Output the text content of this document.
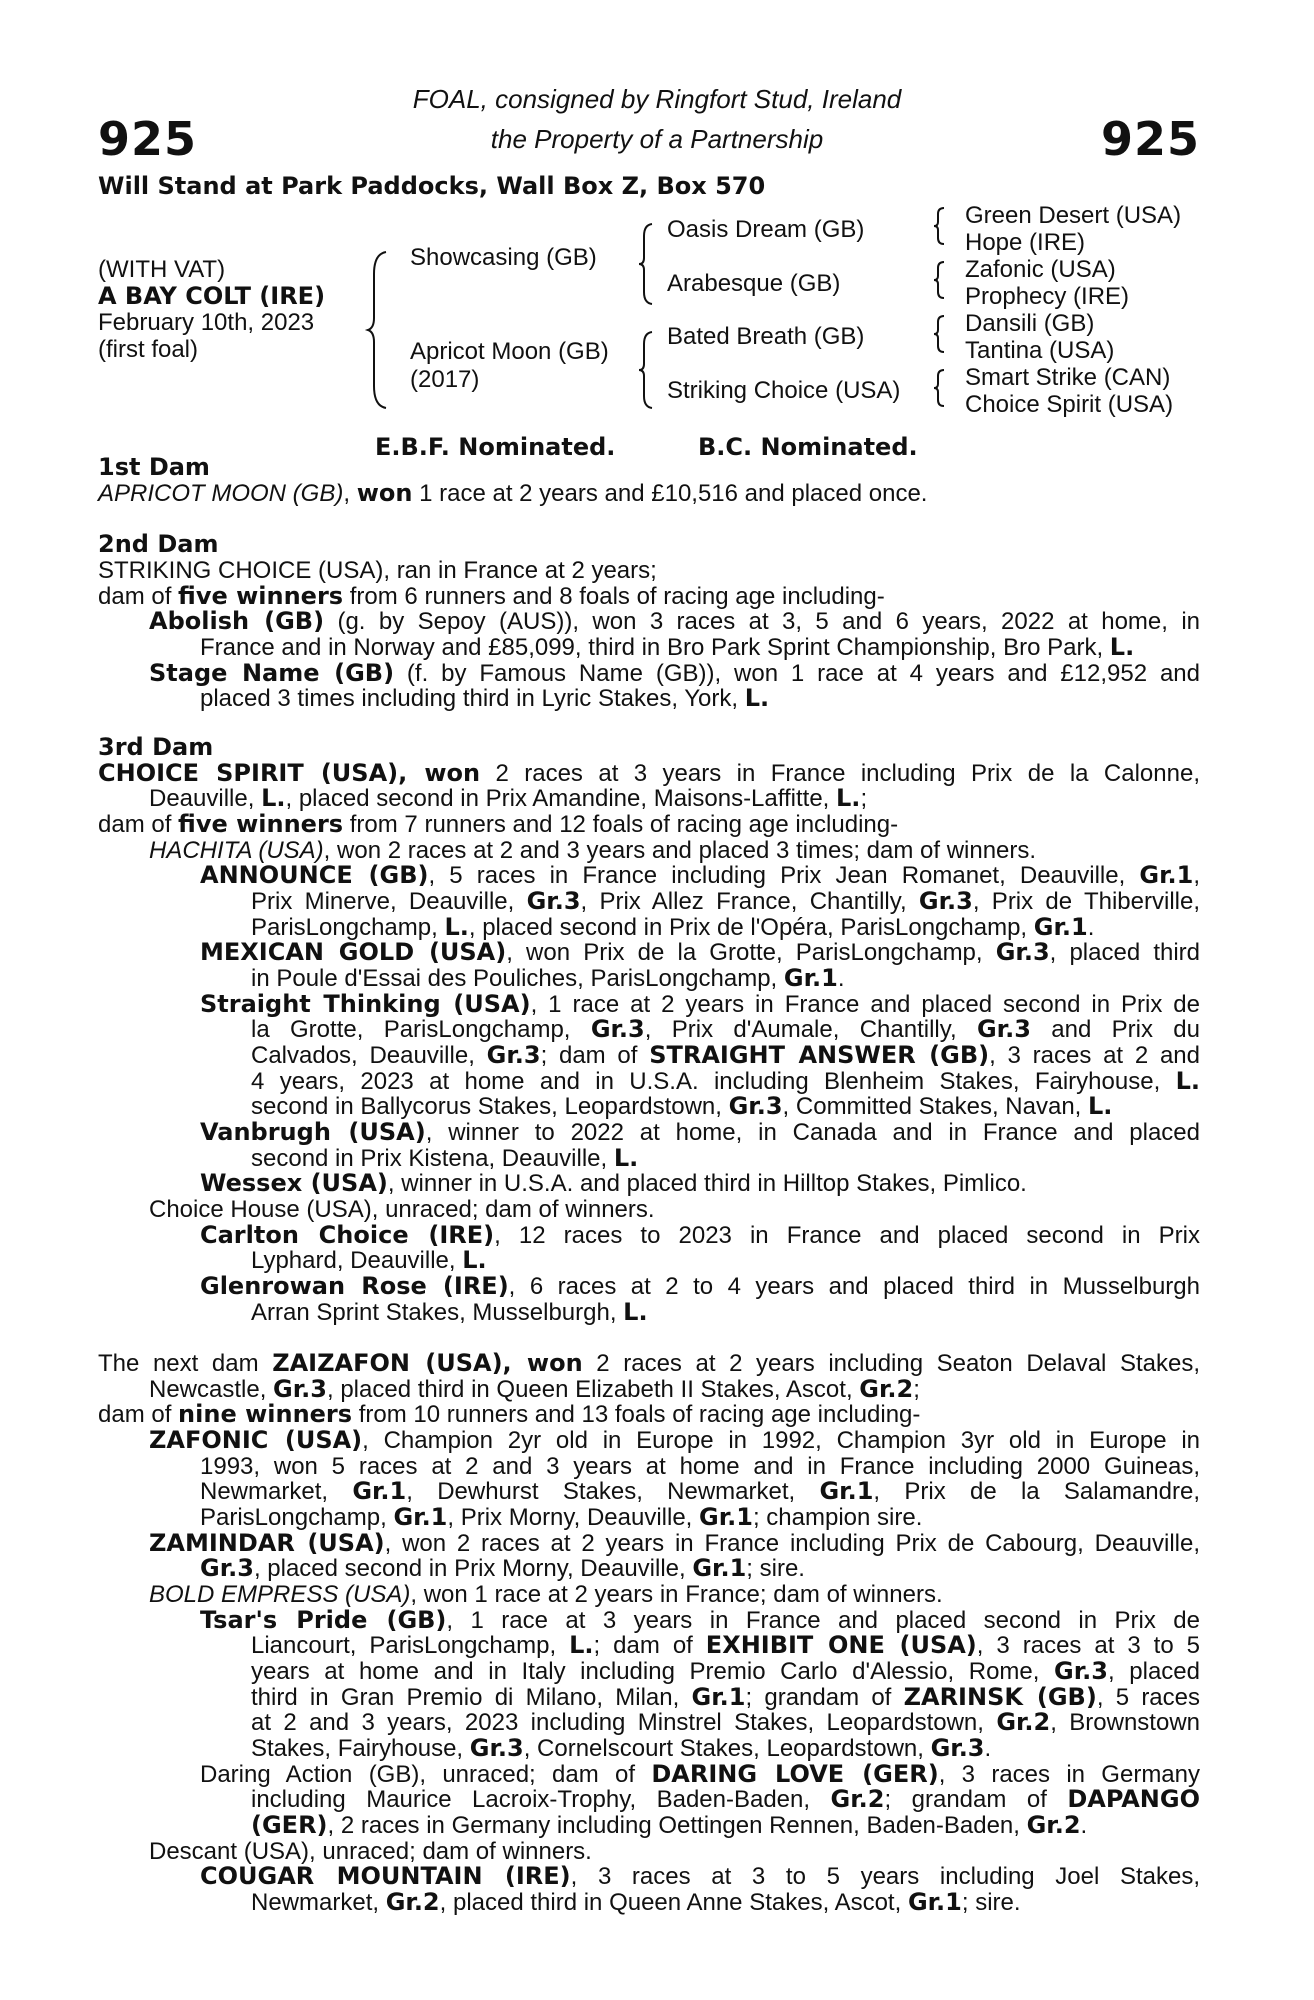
925	925
FOAL, consigned by Ringfort Stud, Ireland
the Property of a Partnership
Will Stand at Park Paddocks, Wall Box Z, Box 570
(WITH VAT)
A BAY COLT (IRE)
February 10th, 2023
(first foal)
Showcasing (GB)
Apricot Moon (GB)
(2017)
Oasis Dream (GB)
Arabesque (GB)
Bated Breath (GB)
Striking Choice (USA)
Green Desert (USA)
Hope (IRE)
Zafonic (USA)
Prophecy (IRE)
Dansili (GB)
Tantina (USA)
Smart Strike (CAN)
Choice Spirit (USA)
E.B.F. Nominated.	B.C. Nominated.
1st Dam
APRICOT MOON (GB), won 1 race at 2 years and £10,516 and placed once.
2nd Dam
STRIKING CHOICE (USA), ran in France at 2 years;
dam of five winners from 6 runners and 8 foals of racing age including-
Abolish (GB) (g. by Sepoy (AUS)), won 3 races at 3, 5 and 6 years, 2022 at home, in
France and in Norway and £85,099, third in Bro Park Sprint Championship, Bro Park, L.
Stage Name (GB) (f. by Famous Name (GB)), won 1 race at 4 years and £12,952 and
placed 3 times including third in Lyric Stakes, York, L.
3rd Dam
CHOICE SPIRIT (USA), won 2 races at 3 years in France including Prix de la Calonne,
Deauville, L., placed second in Prix Amandine, Maisons-Laffitte, L.;
dam of five winners from 7 runners and 12 foals of racing age including-
HACHITA (USA), won 2 races at 2 and 3 years and placed 3 times; dam of winners.
ANNOUNCE (GB), 5 races in France including Prix Jean Romanet, Deauville, Gr.1,
Prix Minerve, Deauville, Gr.3, Prix Allez France, Chantilly, Gr.3, Prix de Thiberville,
ParisLongchamp, L., placed second in Prix de l'Opéra, ParisLongchamp, Gr.1.
MEXICAN GOLD (USA), won Prix de la Grotte, ParisLongchamp, Gr.3, placed third
in Poule d'Essai des Pouliches, ParisLongchamp, Gr.1.
Straight Thinking (USA), 1 race at 2 years in France and placed second in Prix de
la Grotte, ParisLongchamp, Gr.3, Prix d'Aumale, Chantilly, Gr.3 and Prix du
Calvados, Deauville, Gr.3; dam of STRAIGHT ANSWER (GB), 3 races at 2 and
4 years, 2023 at home and in U.S.A. including Blenheim Stakes, Fairyhouse, L.
second in Ballycorus Stakes, Leopardstown, Gr.3, Committed Stakes, Navan, L.
Vanbrugh (USA), winner to 2022 at home, in Canada and in France and placed
second in Prix Kistena, Deauville, L.
Wessex (USA), winner in U.S.A. and placed third in Hilltop Stakes, Pimlico.
Choice House (USA), unraced; dam of winners.
Carlton Choice (IRE), 12 races to 2023 in France and placed second in Prix
Lyphard, Deauville, L.
Glenrowan Rose (IRE), 6 races at 2 to 4 years and placed third in Musselburgh
Arran Sprint Stakes, Musselburgh, L.
The next dam ZAIZAFON (USA), won 2 races at 2 years including Seaton Delaval Stakes,
Newcastle, Gr.3, placed third in Queen Elizabeth II Stakes, Ascot, Gr.2;
dam of nine winners from 10 runners and 13 foals of racing age including-
ZAFONIC (USA), Champion 2yr old in Europe in 1992, Champion 3yr old in Europe in
1993, won 5 races at 2 and 3 years at home and in France including 2000 Guineas,
Newmarket, Gr.1, Dewhurst Stakes, Newmarket, Gr.1, Prix de la Salamandre,
ParisLongchamp, Gr.1, Prix Morny, Deauville, Gr.1; champion sire.
ZAMINDAR (USA), won 2 races at 2 years in France including Prix de Cabourg, Deauville,
Gr.3, placed second in Prix Morny, Deauville, Gr.1; sire.
BOLD EMPRESS (USA), won 1 race at 2 years in France; dam of winners.
Tsar's Pride (GB), 1 race at 3 years in France and placed second in Prix de
Liancourt, ParisLongchamp, L.; dam of EXHIBIT ONE (USA), 3 races at 3 to 5
years at home and in Italy including Premio Carlo d'Alessio, Rome, Gr.3, placed
third in Gran Premio di Milano, Milan, Gr.1; grandam of ZARINSK (GB), 5 races
at 2 and 3 years, 2023 including Minstrel Stakes, Leopardstown, Gr.2, Brownstown
Stakes, Fairyhouse, Gr.3, Cornelscourt Stakes, Leopardstown, Gr.3.
Daring Action (GB), unraced; dam of DARING LOVE (GER), 3 races in Germany
including Maurice Lacroix-Trophy, Baden-Baden, Gr.2; grandam of DAPANGO
(GER), 2 races in Germany including Oettingen Rennen, Baden-Baden, Gr.2.
Descant (USA), unraced; dam of winners.
COUGAR MOUNTAIN (IRE), 3 races at 3 to 5 years including Joel Stakes,
Newmarket, Gr.2, placed third in Queen Anne Stakes, Ascot, Gr.1; sire.
